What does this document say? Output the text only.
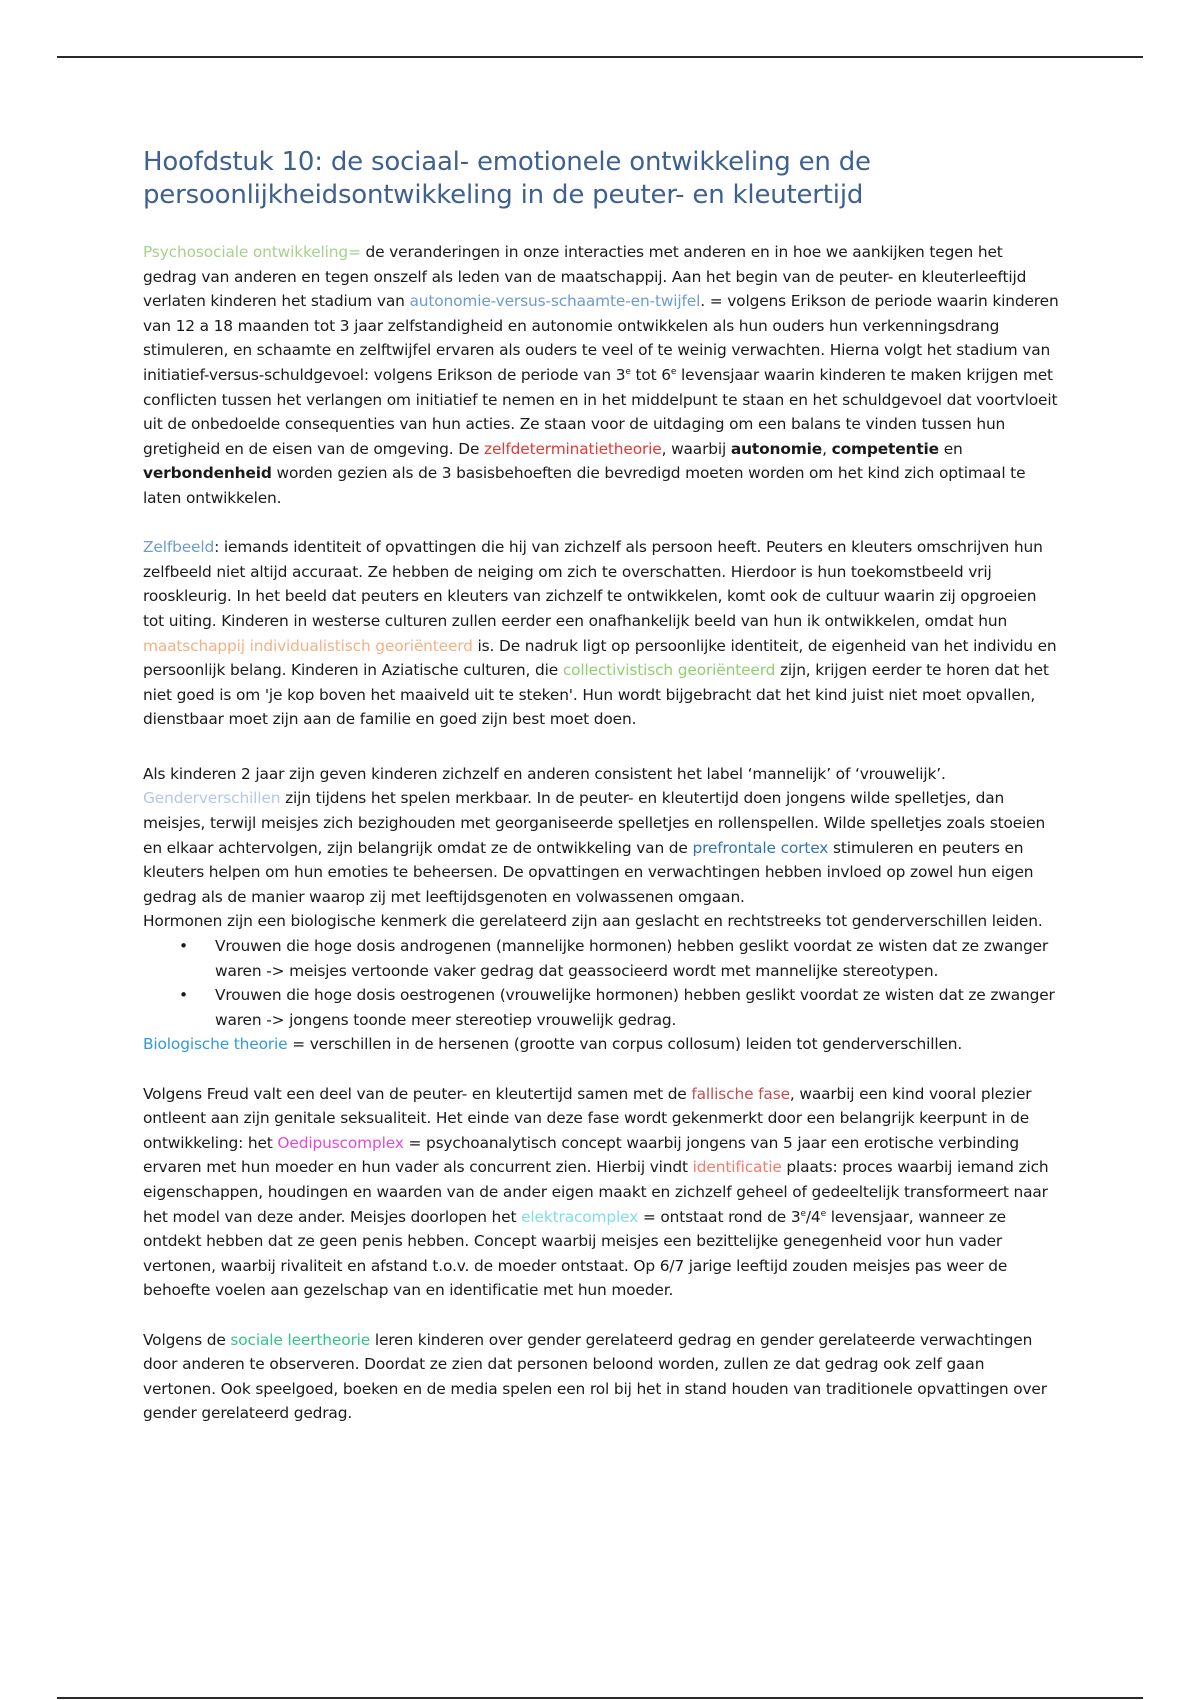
Hoofdstuk 10: de sociaal- emotionele ontwikkeling en de persoonlijkheidsontwikkeling in de peuter- en kleutertijd

Psychosociale ontwikkeling= de veranderingen in onze interacties met anderen en in hoe we aankijken tegen het gedrag van anderen en tegen onszelf als leden van de maatschappij. Aan het begin van de peuter- en kleuterleeftijd verlaten kinderen het stadium van autonomie-versus-schaamte-en-twijfel. = volgens Erikson de periode waarin kinderen van 12 a 18 maanden tot 3 jaar zelfstandigheid en autonomie ontwikkelen als hun ouders hun verkenningsdrang stimuleren, en schaamte en zelftwijfel ervaren als ouders te veel of te weinig verwachten. Hierna volgt het stadium van initiatief-versus-schuldgevoel: volgens Erikson de periode van 3e tot 6e levensjaar waarin kinderen te maken krijgen met conflicten tussen het verlangen om initiatief te nemen en in het middelpunt te staan en het schuldgevoel dat voortvloeit uit de onbedoelde consequenties van hun acties. Ze staan voor de uitdaging om een balans te vinden tussen hun gretigheid en de eisen van de omgeving. De zelfdeterminatietheorie, waarbij autonomie, competentie en verbondenheid worden gezien als de 3 basisbehoeften die bevredigd moeten worden om het kind zich optimaal te laten ontwikkelen.

Zelfbeeld: iemands identiteit of opvattingen die hij van zichzelf als persoon heeft. Peuters en kleuters omschrijven hun zelfbeeld niet altijd accuraat. Ze hebben de neiging om zich te overschatten. Hierdoor is hun toekomstbeeld vrij rooskleurig. In het beeld dat peuters en kleuters van zichzelf te ontwikkelen, komt ook de cultuur waarin zij opgroeien tot uiting. Kinderen in westerse culturen zullen eerder een onafhankelijk beeld van hun ik ontwikkelen, omdat hun maatschappij individualistisch georiënteerd is. De nadruk ligt op persoonlijke identiteit, de eigenheid van het individu en persoonlijk belang. Kinderen in Aziatische culturen, die collectivistisch georiënteerd zijn, krijgen eerder te horen dat het niet goed is om 'je kop boven het maaiveld uit te steken'. Hun wordt bijgebracht dat het kind juist niet moet opvallen, dienstbaar moet zijn aan de familie en goed zijn best moet doen.

Als kinderen 2 jaar zijn geven kinderen zichzelf en anderen consistent het label ‘mannelijk’ of ‘vrouwelijk’. Genderverschillen zijn tijdens het spelen merkbaar. In de peuter- en kleutertijd doen jongens wilde spelletjes, dan meisjes, terwijl meisjes zich bezighouden met georganiseerde spelletjes en rollenspellen. Wilde spelletjes zoals stoeien en elkaar achtervolgen, zijn belangrijk omdat ze de ontwikkeling van de prefrontale cortex stimuleren en peuters en kleuters helpen om hun emoties te beheersen. De opvattingen en verwachtingen hebben invloed op zowel hun eigen gedrag als de manier waarop zij met leeftijdsgenoten en volwassenen omgaan.

Hormonen zijn een biologische kenmerk die gerelateerd zijn aan geslacht en rechtstreeks tot genderverschillen leiden.

• Vrouwen die hoge dosis androgenen (mannelijke hormonen) hebben geslikt voordat ze wisten dat ze zwanger waren -> meisjes vertoonde vaker gedrag dat geassocieerd wordt met mannelijke stereotypen.
• Vrouwen die hoge dosis oestrogenen (vrouwelijke hormonen) hebben geslikt voordat ze wisten dat ze zwanger waren -> jongens toonde meer stereotiep vrouwelijk gedrag.

Biologische theorie = verschillen in de hersenen (grootte van corpus collosum) leiden tot genderverschillen.

Volgens Freud valt een deel van de peuter- en kleutertijd samen met de fallische fase, waarbij een kind vooral plezier ontleent aan zijn genitale seksualiteit. Het einde van deze fase wordt gekenmerkt door een belangrijk keerpunt in de ontwikkeling: het Oedipuscomplex = psychoanalytisch concept waarbij jongens van 5 jaar een erotische verbinding ervaren met hun moeder en hun vader als concurrent zien. Hierbij vindt identificatie plaats: proces waarbij iemand zich eigenschappen, houdingen en waarden van de ander eigen maakt en zichzelf geheel of gedeeltelijk transformeert naar het model van deze ander. Meisjes doorlopen het elektracomplex = ontstaat rond de 3e/4e levensjaar, wanneer ze ontdekt hebben dat ze geen penis hebben. Concept waarbij meisjes een bezittelijke genegenheid voor hun vader vertonen, waarbij rivaliteit en afstand t.o.v. de moeder ontstaat. Op 6/7 jarige leeftijd zouden meisjes pas weer de behoefte voelen aan gezelschap van en identificatie met hun moeder.

Volgens de sociale leertheorie leren kinderen over gender gerelateerd gedrag en gender gerelateerde verwachtingen door anderen te observeren. Doordat ze zien dat personen beloond worden, zullen ze dat gedrag ook zelf gaan vertonen. Ook speelgoed, boeken en de media spelen een rol bij het in stand houden van traditionele opvattingen over gender gerelateerd gedrag.
